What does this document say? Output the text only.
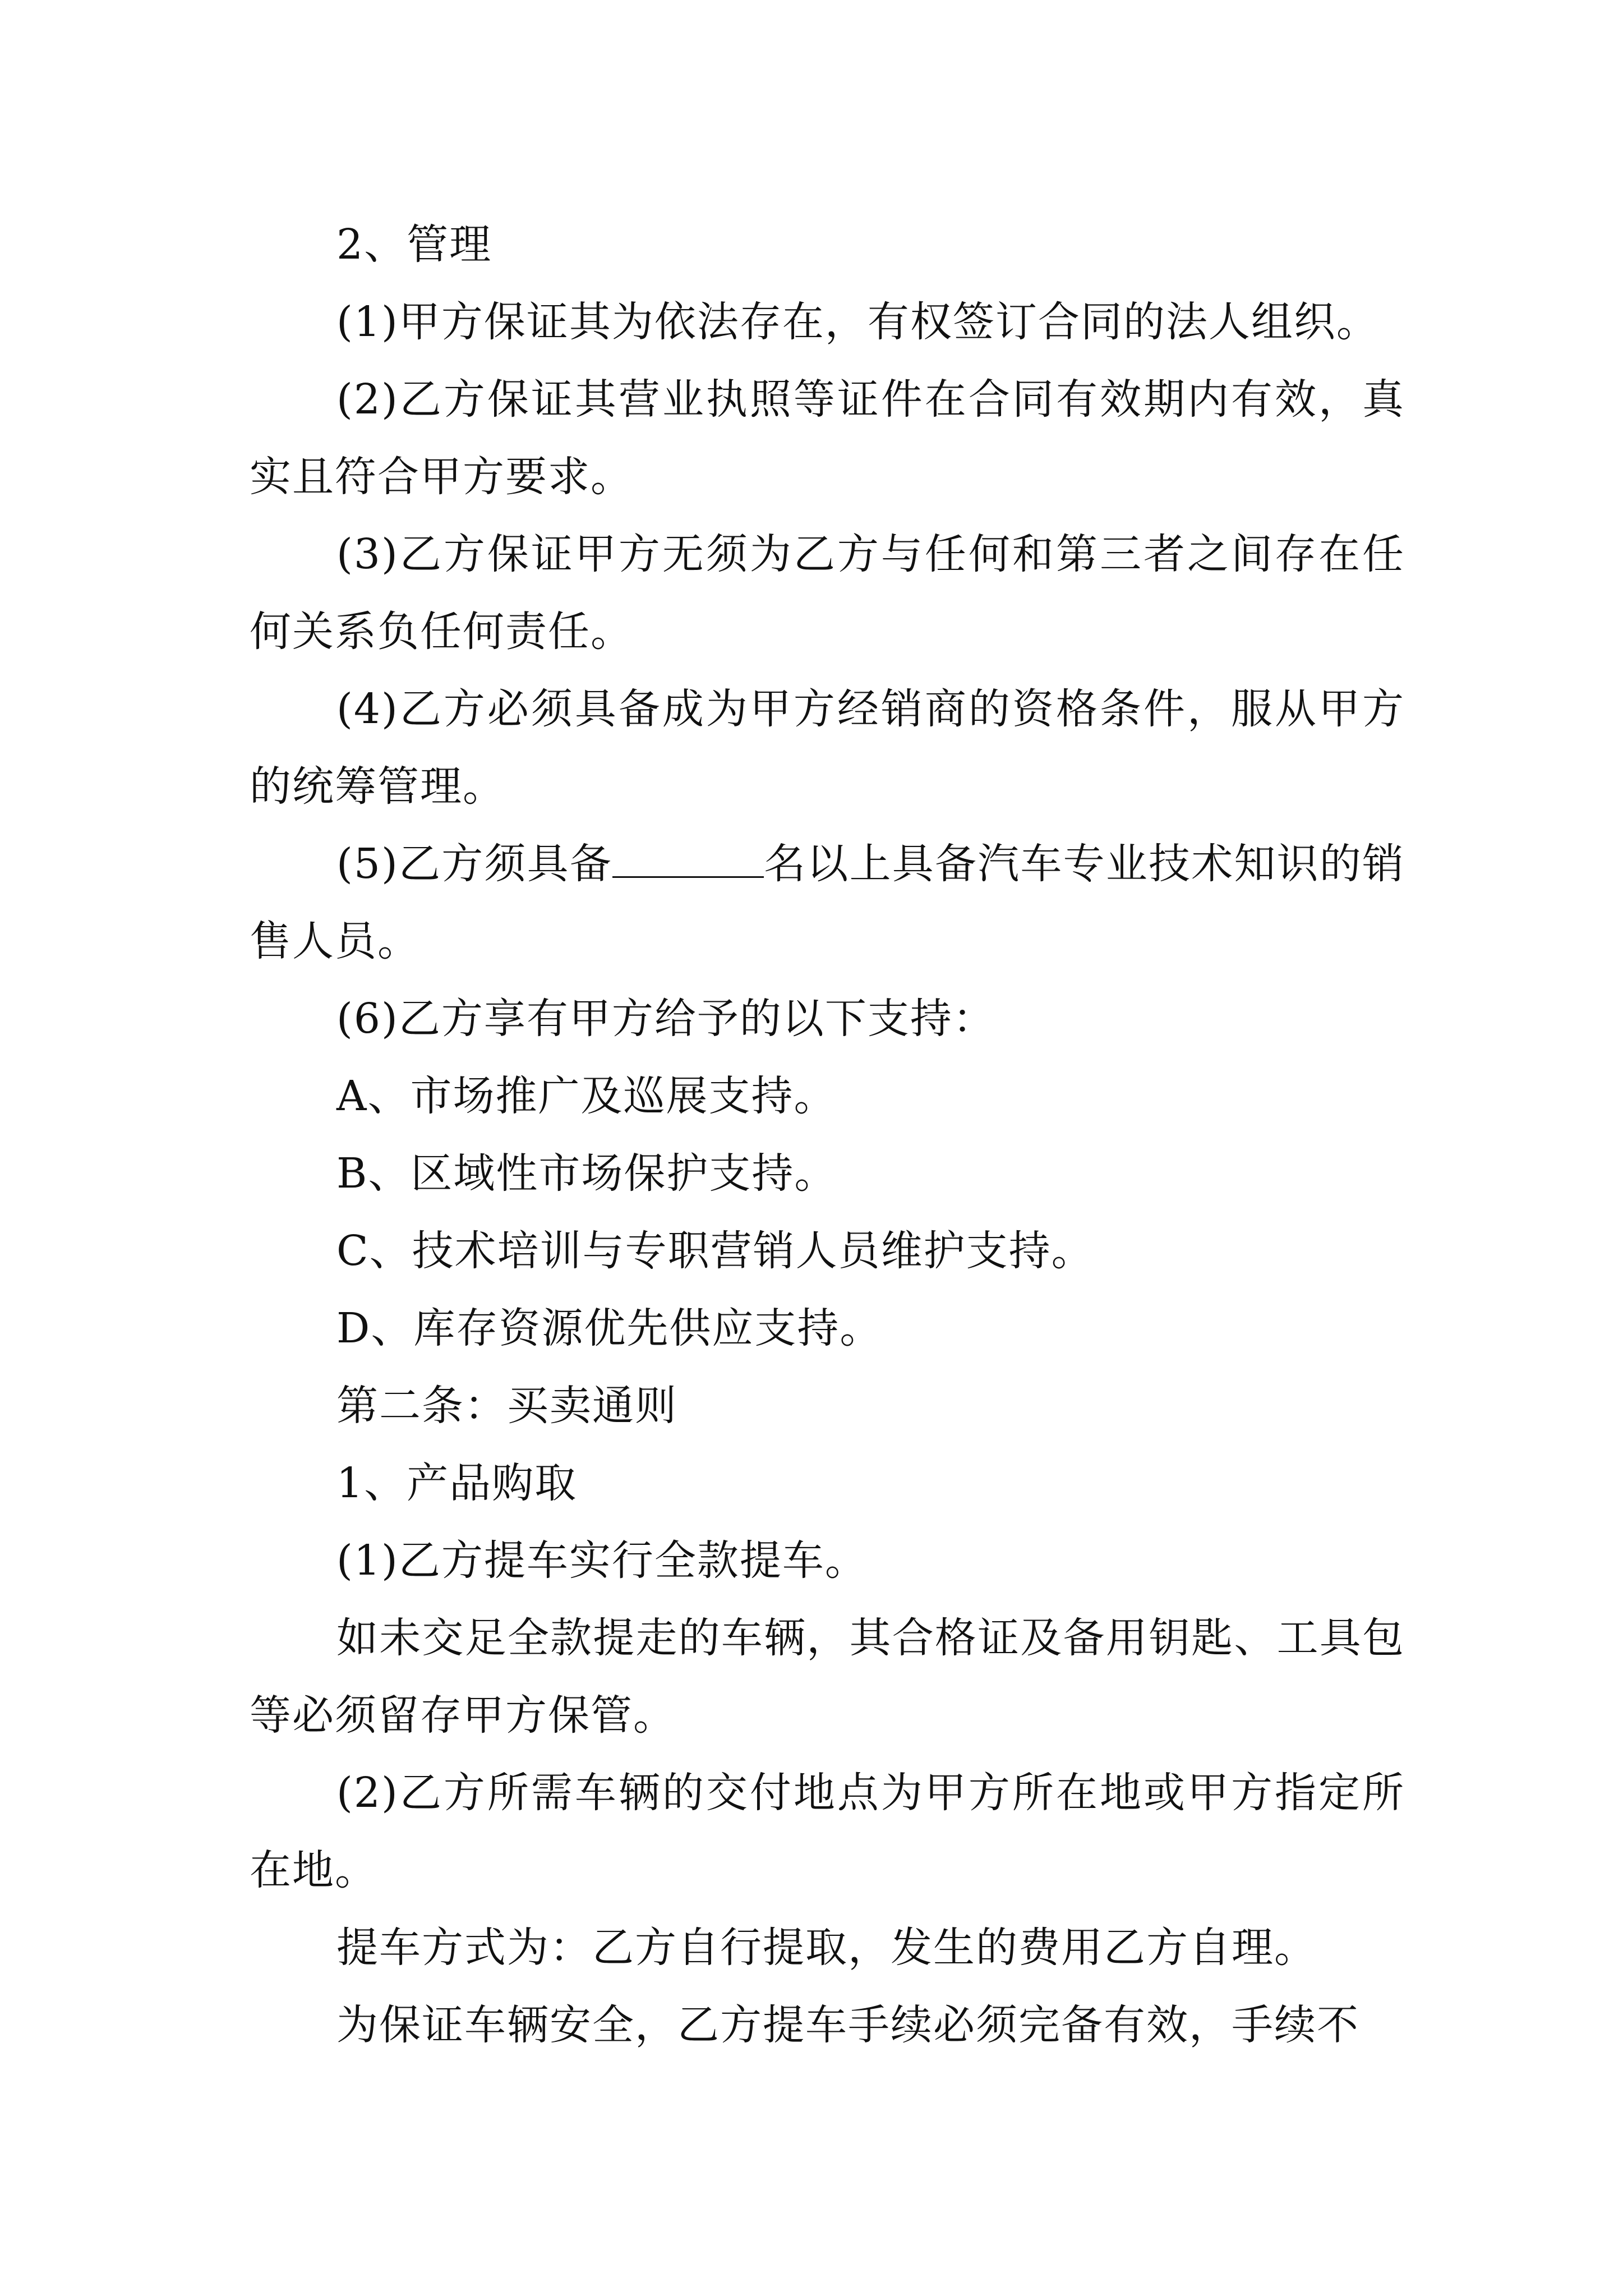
2、管理

(1)甲方保证其为依法存在，有权签订合同的法人组织。

(2)乙方保证其营业执照等证件在合同有效期内有效，真实且符合甲方要求。

(3)乙方保证甲方无须为乙方与任何和第三者之间存在任何关系负任何责任。

(4)乙方必须具备成为甲方经销商的资格条件，服从甲方的统筹管理。

(5)乙方须具备	名以上具备汽车专业技术知识的销售人员。

(6)乙方享有甲方给予的以下支持：

A、市场推广及巡展支持。

B、区域性市场保护支持。

C、技术培训与专职营销人员维护支持。

D、库存资源优先供应支持。

第二条：买卖通则

1、产品购取

(1)乙方提车实行全款提车。

如未交足全款提走的车辆，其合格证及备用钥匙、工具包等必须留存甲方保管。

(2)乙方所需车辆的交付地点为甲方所在地或甲方指定所在地。

提车方式为：乙方自行提取，发生的费用乙方自理。

为保证车辆安全，乙方提车手续必须完备有效，手续不
